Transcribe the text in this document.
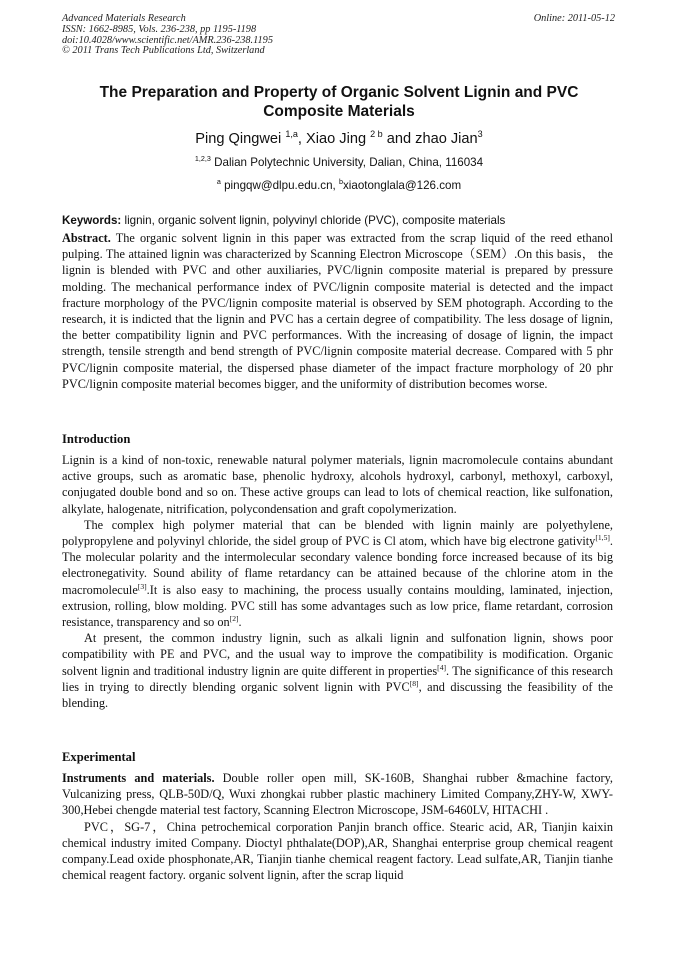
Advanced Materials Research
ISSN: 1662-8985, Vols. 236-238, pp 1195-1198
doi:10.4028/www.scientific.net/AMR.236-238.1195
© 2011 Trans Tech Publications Ltd, Switzerland
Online: 2011-05-12
The Preparation and Property of Organic Solvent Lignin and PVC Composite Materials
Ping Qingwei $^{1,a}$, Xiao Jing $^{2 b}$ and zhao Jian$^3$
$^{1,2,3}$ Dalian Polytechnic University, Dalian, China, 116034
$^a$ pingqw@dlpu.edu.cn, $^b$xiaotonglala@126.com
Keywords: lignin, organic solvent lignin, polyvinyl chloride (PVC), composite materials

Abstract. The organic solvent lignin in this paper was extracted from the scrap liquid of the reed ethanol pulping. The attained lignin was characterized by Scanning Electron Microscope（SEM）.On this basis， the lignin is blended with PVC and other auxiliaries, PVC/lignin composite material is prepared by pressure molding. The mechanical performance index of PVC/lignin composite material is detected and the impact fracture morphology of the PVC/lignin composite material is observed by SEM photograph. According to the research, it is indicted that the lignin and PVC has a certain degree of compatibility. The less dosage of lignin, the better compatibility lignin and PVC performances. With the increasing of dosage of lignin, the impact strength, tensile strength and bend strength of PVC/lignin composite material decrease. Compared with 5 phr PVC/lignin composite material, the dispersed phase diameter of the impact fracture morphology of 20 phr PVC/lignin composite material becomes bigger, and the uniformity of distribution becomes worse.

Introduction

Lignin is a kind of non-toxic, renewable natural polymer materials, lignin macromolecule contains abundant active groups, such as aromatic base, phenolic hydroxy, alcohols hydroxyl, carbonyl, methoxyl, carboxyl, conjugated double bond and so on. These active groups can lead to lots of chemical reaction, like sulfonation, alkylate, halogenate, nitrification, polycondensation and graft copolymerization.

The complex high polymer material that can be blended with lignin mainly are polyethylene, polypropylene and polyvinyl chloride, the sidel group of PVC is Cl atom, which have big electrone gativity[1,5]. The molecular polarity and the intermolecular secondary valence bonding force increased because of its big electronegativity. Sound ability of flame retardancy can be attained because of the chlorine atom in the macromolecule[3].It is also easy to machining, the process usually contains moulding, laminated, injection, extrusion, rolling, blow molding. PVC still has some advantages such as low price, flame retardant, corrosion resistance, transparency and so on[2].

At present, the common industry lignin, such as alkali lignin and sulfonation lignin, shows poor compatibility with PE and PVC, and the usual way to improve the compatibility is modification. Organic solvent lignin and traditional industry lignin are quite different in properties[4]. The significance of this research lies in trying to directly blending organic solvent lignin with PVC[8], and discussing the feasibility of the blending.

Experimental

Instruments and materials. Double roller open mill, SK-160B, Shanghai rubber &machine factory, Vulcanizing press, QLB-50D/Q, Wuxi zhongkai rubber plastic machinery Limited Company,ZHY-W, XWY-300,Hebei chengde material test factory, Scanning Electron Microscope, JSM-6460LV, HITACHI .

PVC，SG-7，China petrochemical corporation Panjin branch office. Stearic acid, AR, Tianjin kaixin chemical industry imited Company. Dioctyl phthalate(DOP),AR, Shanghai enterprise group chemical reagent company.Lead oxide phosphonate,AR, Tianjin tianhe chemical reagent factory. Lead sulfate,AR, Tianjin tianhe chemical reagent factory. organic solvent lignin, after the scrap liquid
